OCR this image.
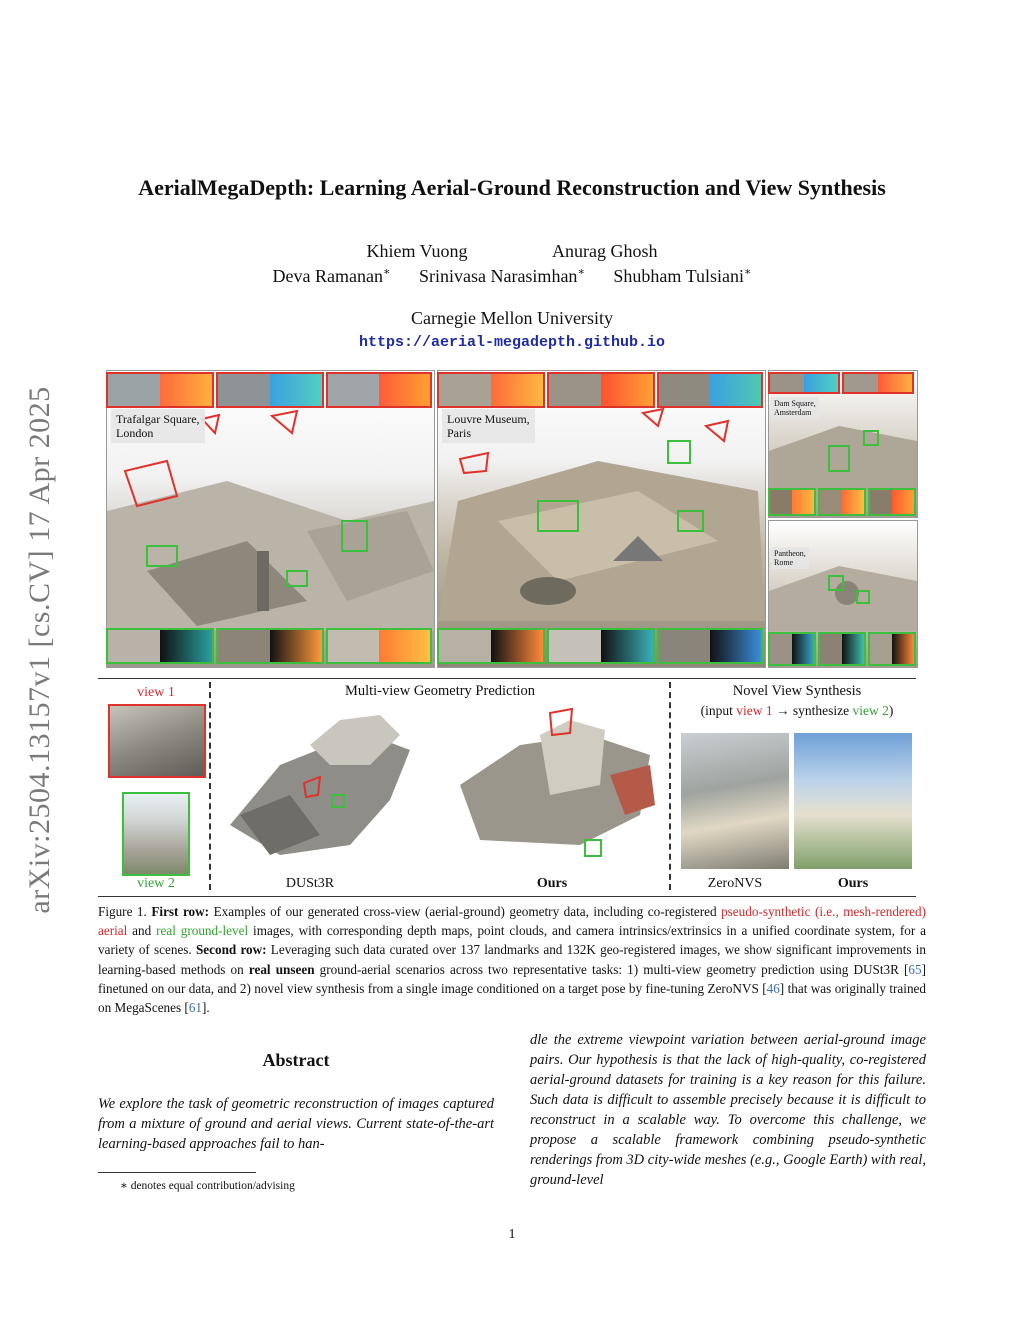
arXiv:2504.13157v1 [cs.CV] 17 Apr 2025
AerialMegaDepth: Learning Aerial-Ground Reconstruction and View Synthesis
Khiem Vuong	Anurag Ghosh
Deva Ramanan∗ Srinivasa Narasimhan∗ Shubham Tulsiani∗
Carnegie Mellon University
https://aerial-megadepth.github.io
Trafalgar Square,
London
Louvre Museum,
Paris
Dam Square,
Amsterdam
Pantheon,
Rome
view 1
view 2
Multi-view Geometry Prediction
DUSt3R	Ours
Novel View Synthesis
(input view 1 → synthesize view 2)
ZeroNVS	Ours
Figure 1. First row: Examples of our generated cross-view (aerial-ground) geometry data, including co-registered pseudo-synthetic (i.e., mesh-rendered) aerial and real ground-level images, with corresponding depth maps, point clouds, and camera intrinsics/extrinsics in a unified coordinate system, for a variety of scenes. Second row: Leveraging such data curated over 137 landmarks and 132K geo-registered images, we show significant improvements in learning-based methods on real unseen ground-aerial scenarios across two representative tasks: 1) multi-view geometry prediction using DUSt3R [65] finetuned on our data, and 2) novel view synthesis from a single image conditioned on a target pose by fine-tuning ZeroNVS [46] that was originally trained on MegaScenes [61].
Abstract
We explore the task of geometric reconstruction of images captured from a mixture of ground and aerial views. Current state-of-the-art learning-based approaches fail to han-
dle the extreme viewpoint variation between aerial-ground image pairs. Our hypothesis is that the lack of high-quality, co-registered aerial-ground datasets for training is a key reason for this failure. Such data is difficult to assemble precisely because it is difficult to reconstruct in a scalable way. To overcome this challenge, we propose a scalable framework combining pseudo-synthetic renderings from 3D city-wide meshes (e.g., Google Earth) with real, ground-level
∗ denotes equal contribution/advising
1
